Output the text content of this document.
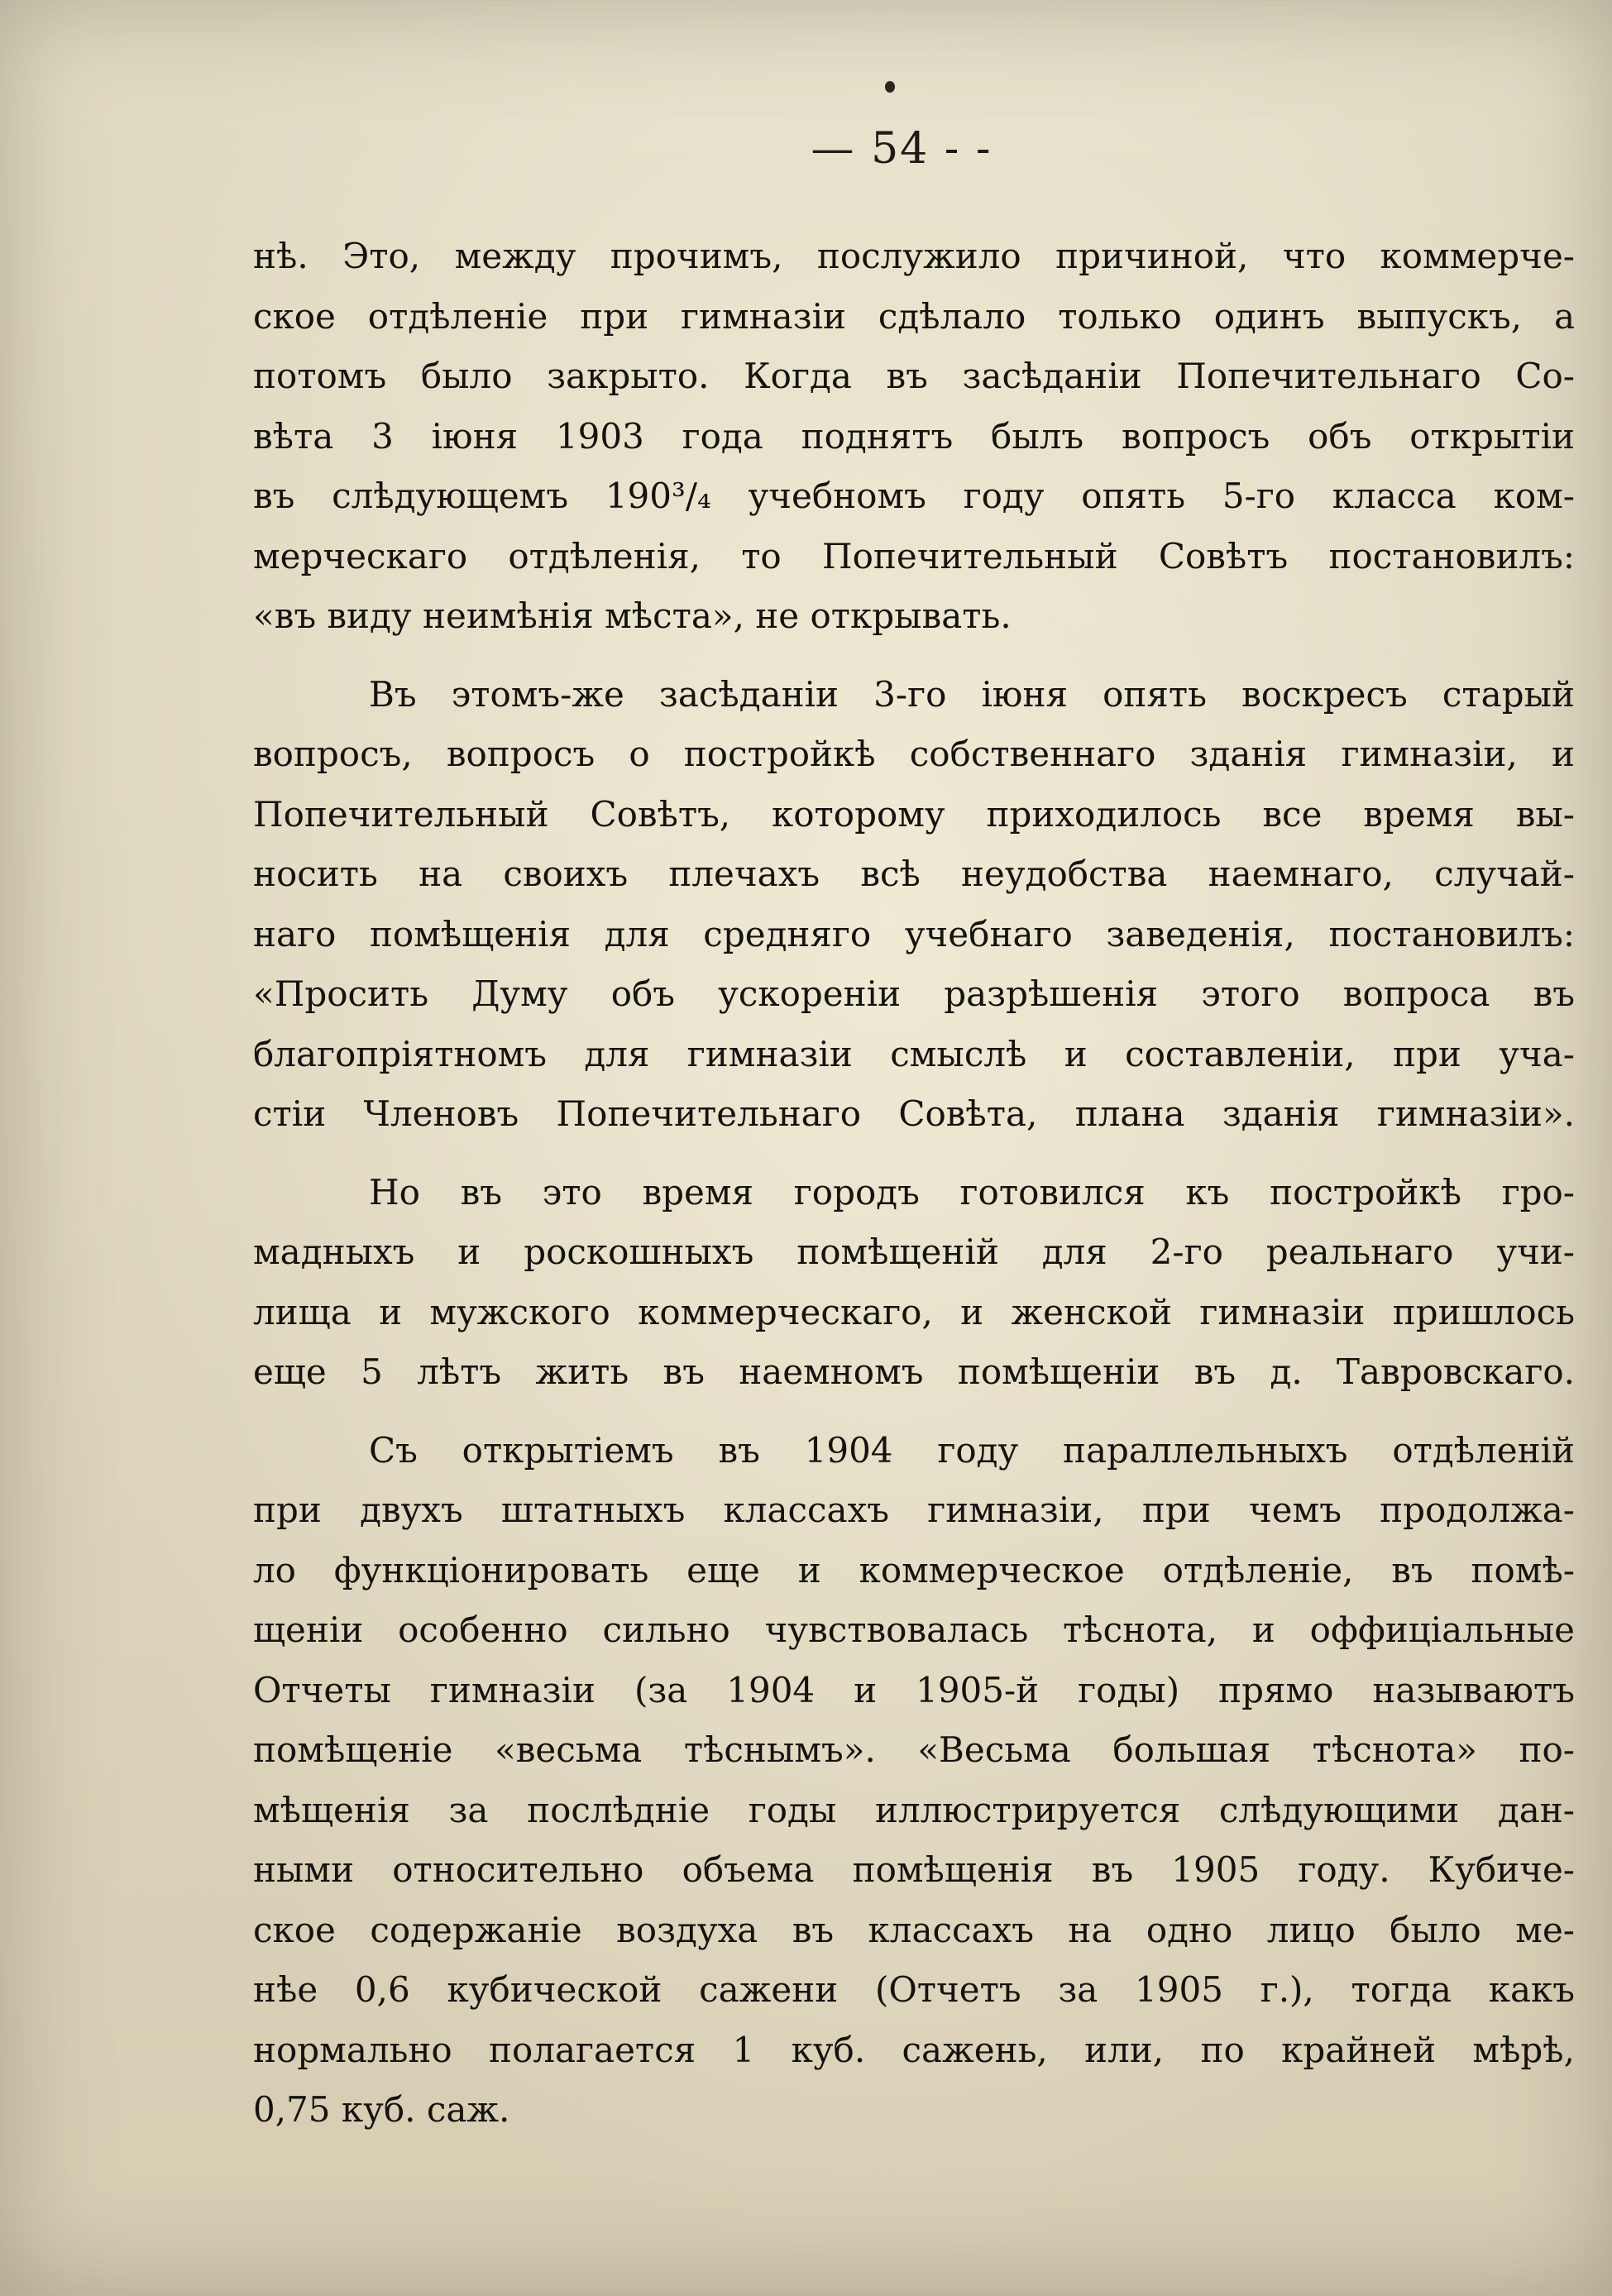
— 54 - -
нѣ. Это, между прочимъ, послужило причиной, что коммерче-
ское отдѣленіе при гимназіи сдѣлало только одинъ выпускъ, а
потомъ было закрыто. Когда въ засѣданіи Попечительнаго Со-
вѣта 3 іюня 1903 года поднятъ былъ вопросъ объ открытіи
въ слѣдующемъ 190³/₄ учебномъ году опять 5-го класса ком-
мерческаго отдѣленія, то Попечительный Совѣтъ постановилъ:
«въ виду неимѣнія мѣста», не открывать.
Въ этомъ-же засѣданіи 3-го іюня опять воскресъ старый
вопросъ, вопросъ о постройкѣ собственнаго зданія гимназіи, и
Попечительный Совѣтъ, которому приходилось все время вы-
носить на своихъ плечахъ всѣ неудобства наемнаго, случай-
наго помѣщенія для средняго учебнаго заведенія, постановилъ:
«Просить Думу объ ускореніи разрѣшенія этого вопроса въ
благопріятномъ для гимназіи смыслѣ и составленіи, при уча-
стіи Членовъ Попечительнаго Совѣта, плана зданія гимназіи».
Но въ это время городъ готовился къ постройкѣ гро-
мадныхъ и роскошныхъ помѣщеній для 2-го реальнаго учи-
лища и мужского коммерческаго, и женской гимназіи пришлось
еще 5 лѣтъ жить въ наемномъ помѣщеніи въ д. Тавровскаго.
Съ открытіемъ въ 1904 году параллельныхъ отдѣленій
при двухъ штатныхъ классахъ гимназіи, при чемъ продолжа-
ло функціонировать еще и коммерческое отдѣленіе, въ помѣ-
щеніи особенно сильно чувствовалась тѣснота, и оффиціальные
Отчеты гимназіи (за 1904 и 1905-й годы) прямо называютъ
помѣщеніе «весьма тѣснымъ». «Весьма большая тѣснота» по-
мѣщенія за послѣдніе годы иллюстрируется слѣдующими дан-
ными относительно объема помѣщенія въ 1905 году. Кубиче-
ское содержаніе воздуха въ классахъ на одно лицо было ме-
нѣе 0,6 кубической сажени (Отчетъ за 1905 г.), тогда какъ
нормально полагается 1 куб. сажень, или, по крайней мѣрѣ,
0,75 куб. саж.
